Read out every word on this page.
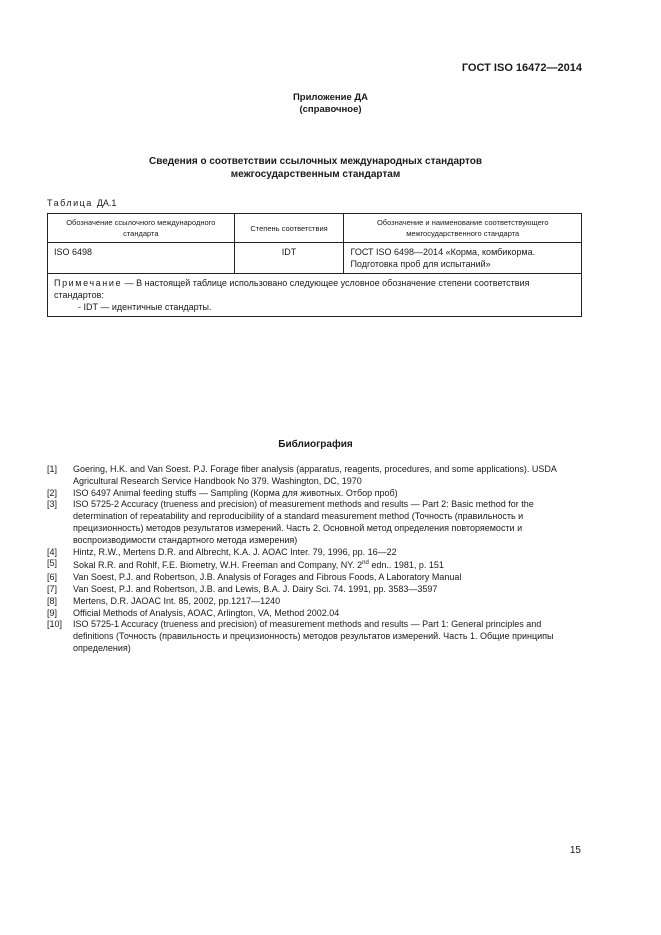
ГОСТ ISO 16472—2014
Приложение ДА
(справочное)
Сведения о соответствии ссылочных международных стандартов
межгосударственным стандартам
Таблица ДА.1
Обозначение ссылочного международного стандарта	Степень соответствия	Обозначение и наименование соответствующего межгосударственного стандарта
ISO 6498	IDT	ГОСТ ISO 6498—2014 «Корма, комбикорма. Подготовка проб для испытаний»

Примечание — В настоящей таблице использовано следующее условное обозначение степени соответствия стандартов:
- IDT — идентичные стандарты.		
Библиография
[1]	Goering, H.K. and Van Soest. P.J. Forage fiber analysis (apparatus, reagents, procedures, and some applications). USDA Agricultural Research Service Handbook No 379. Washington, DC, 1970
[2]	ISO 6497 Animal feeding stuffs — Sampling (Корма для животных. Отбор проб)
[3]	ISO 5725-2 Accuracy (trueness and precision) of measurement methods and results — Part 2: Basic method for the determination of repeatability and reproducibility of a standard measurement method (Точность (правильность и прецизионность) методов результатов измерений. Часть 2. Основной метод определения повторяемости и воспроизводимости стандартного метода измерения)
[4]	Hintz, R.W., Mertens D.R. and Albrecht, K.A. J. AOAC Inter. 79, 1996, pp. 16—22
[5]	Sokal R.R. and Rohlf, F.E. Biometry, W.H. Freeman and Company, NY. 2nd edn.. 1981, p. 151
[6]	Van Soest, P.J. and Robertson, J.B. Analysis of Forages and Fibrous Foods, A Laboratory Manual
[7]	Van Soest, P.J. and Robertson, J.B. and Lewis, B.A. J. Dairy Sci. 74. 1991, pp. 3583—3597
[8]	Mertens, D.R. JAOAC Int. 85, 2002, pp.1217—1240
[9]	Official Methods of Analysis, AOAC, Arlington, VA, Method 2002.04
[10]	ISO 5725-1 Accuracy (trueness and precision) of measurement methods and results — Part 1: General principles and definitions (Точность (правильность и прецизионность) методов результатов измерений. Часть 1. Общие принципы определения)
15
